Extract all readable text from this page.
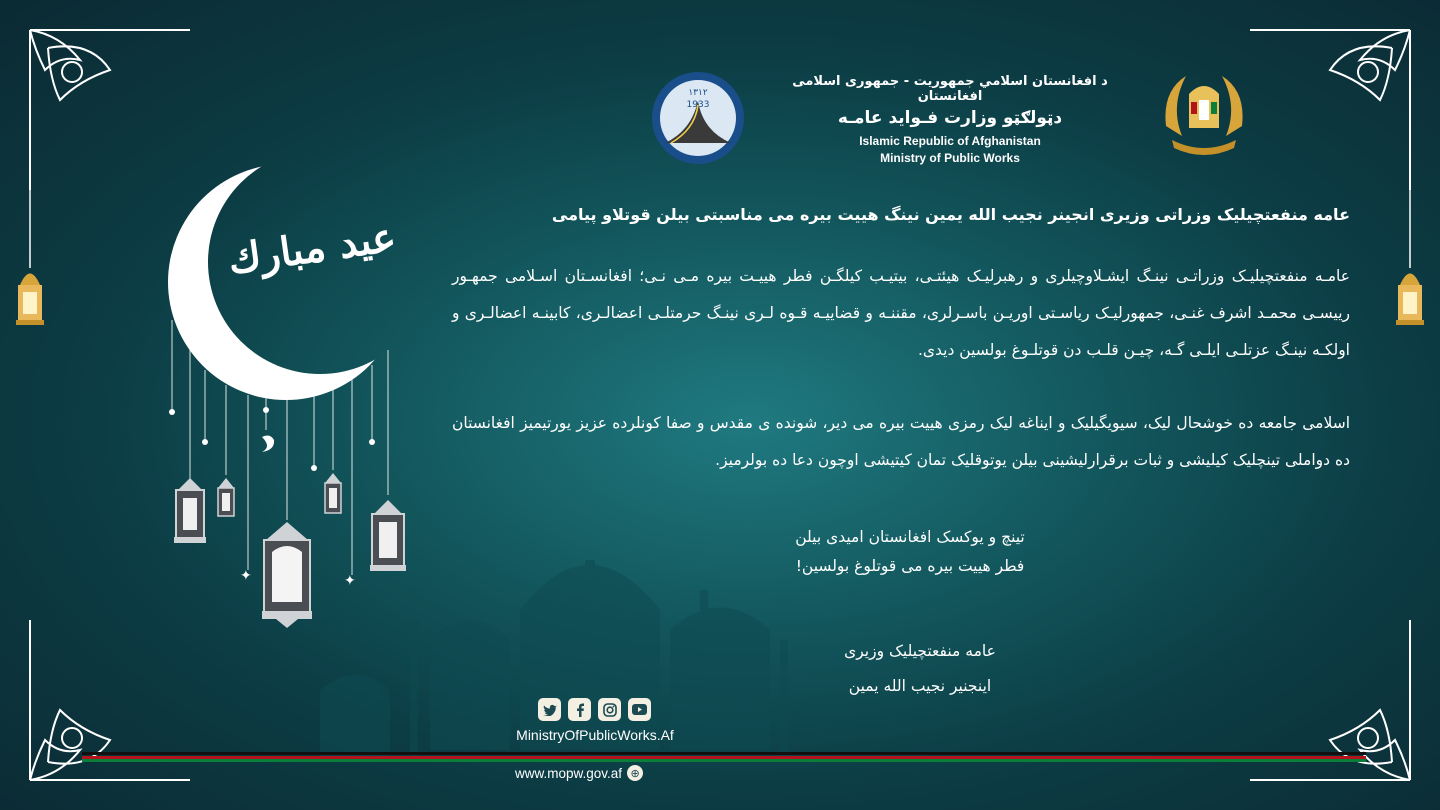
✦	✦
عيد مبارك
۱۳۱۲
1933
د افغانستان اسلامي جمهوريت - جمهوری اسلامی افغانستان
دټولګټو وزارت فـوايد عامـه
Islamic Republic of Afghanistan
Ministry of Public Works
عامه منفعتچیلیک وزراتی وزیری انجینر نجیب الله یمین نینگ هییت بیره می مناسبتی بیلن قوتلاو پیامی
عامـه منفعتچیلیـک وزراتـی نینـگ ایشـلاوچیلری و رهبرلیـک هیئتـی، بیتیـب کیلگـن فطر هییـت بیره مـی نـی؛ افغانسـتان اسـلامی جمهـور ریيسـی محمـد اشرف غنـی، جمهورلیـک ریاسـتی اوریـن باسـرلری، مقننـه و قضاییـه قـوه لـری نینـگ حرمتلـی اعضالـری، کابینـه اعضالـری و اولکـه نینـگ عزتلـی ایلـی گـه، چیـن قلـب دن قوتلـوغ بولسین دیدی.
اسلامی جامعه ده خوشحال لیک، سیویگیلیک و ایناغه لیک رمزی هییت بیره می دیر، شونده ی مقدس و صفا کونلرده عزیز یورتیمیز افغانستان ده دواملی تینچلیک کیلیشی و ثبات برقرارلیشینی بیلن یوتوقلیک تمان کیتیشی اوچون دعا ده بولرمیز.
تینچ و یوکسک افغانستان امیدی بیلن
فطر هییت بیره می قوتلوغ بولسین!
عامه منفعتچیلیک وزیری
اینجنیر نجیب الله یمین
MinistryOfPublicWorks.Af
www.mopw.gov.af ⊕
